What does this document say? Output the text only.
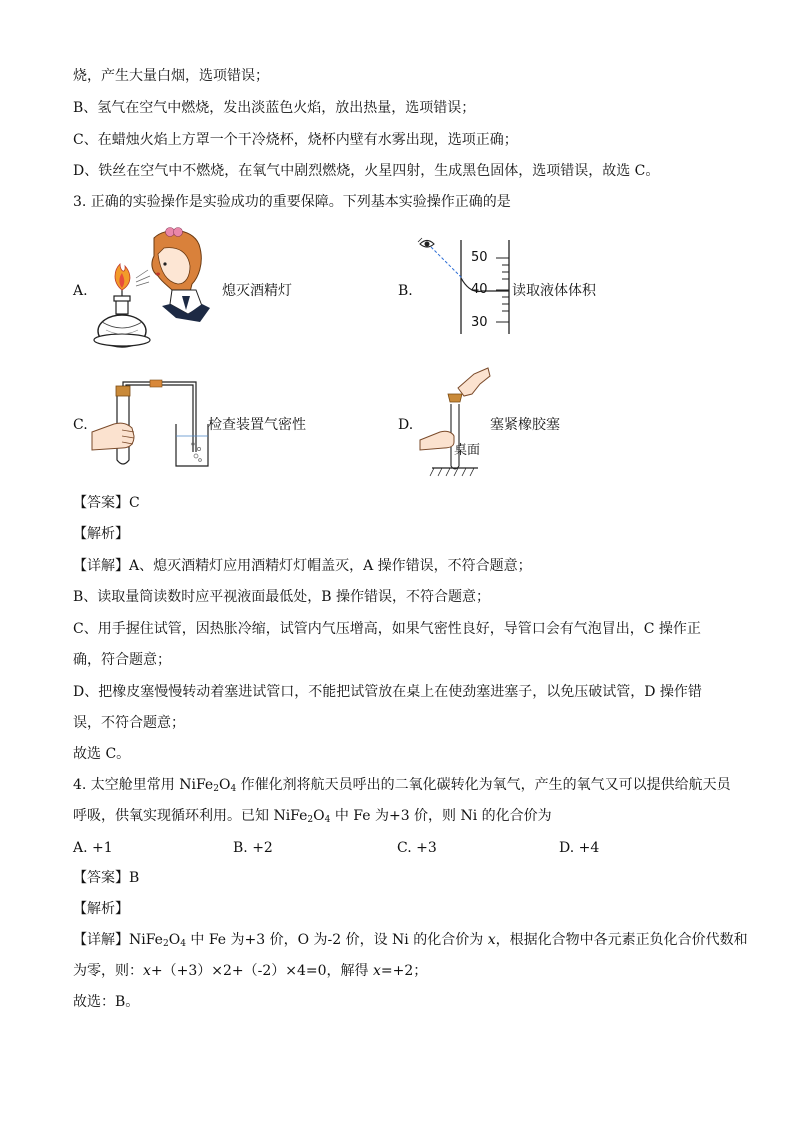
烧，产生大量白烟，选项错误；
B、氢气在空气中燃烧，发出淡蓝色火焰，放出热量，选项错误；
C、在蜡烛火焰上方罩一个干冷烧杯，烧杯内壁有水雾出现，选项正确；
D、铁丝在空气中不燃烧，在氧气中剧烈燃烧，火星四射，生成黑色固体，选项错误，故选 C。
3. 正确的实验操作是实验成功的重要保障。下列基本实验操作正确的是
A.	熄灭酒精灯	B.
50
40
30
读取液体体积
C.	检查装置气密性	D.
桌面
塞紧橡胶塞
【答案】C
【解析】
【详解】A、熄灭酒精灯应用酒精灯灯帽盖灭，A 操作错误，不符合题意；
B、读取量筒读数时应平视液面最低处，B 操作错误，不符合题意；
C、用手握住试管，因热胀冷缩，试管内气压增高，如果气密性良好，导管口会有气泡冒出，C 操作正
确，符合题意；
D、把橡皮塞慢慢转动着塞进试管口，不能把试管放在桌上在使劲塞进塞子，以免压破试管，D 操作错
误，不符合题意；
故选 C。
4. 太空舱里常用 $NiFe_2O_4$ 作催化剂将航天员呼出的二氧化碳转化为氧气，产生的氧气又可以提供给航天员
呼吸，供氧实现循环利用。已知 $NiFe_2O_4$ 中 Fe 为+3 价，则 Ni 的化合价为
A. +1	B. +2	C. +3	D. +4
【答案】B
【解析】
【详解】$NiFe_2O_4$ 中 Fe 为+3 价，O 为-2 价，设 Ni 的化合价为 x，根据化合物中各元素正负化合价代数和
为零，则：x+（+3）×2+（-2）×4=0，解得 x=+2；
故选：B。
